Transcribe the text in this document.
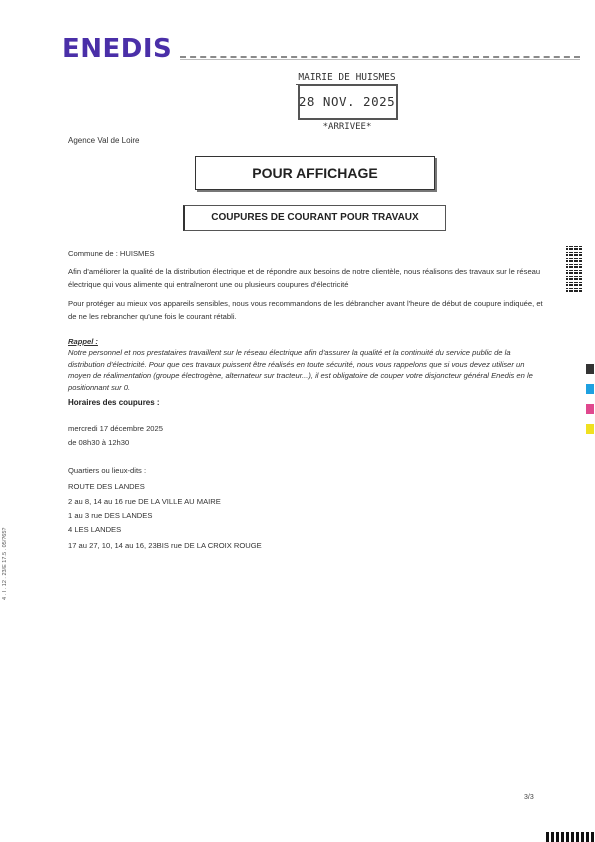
ENEDIS
MAIRIE DE HUISMES
28 NOV. 2025
*ARRIVEE*
Agence Val de Loire
POUR AFFICHAGE
COUPURES DE COURANT POUR TRAVAUX
Commune de : HUISMES
Afin d'améliorer la qualité de la distribution électrique et de répondre aux besoins de notre clientèle, nous réalisons des travaux sur le réseau électrique qui vous alimente qui entraîneront une ou plusieurs coupures d'électricité
Pour protéger au mieux vos appareils sensibles, nous vous recommandons de les débrancher avant l'heure de début de coupure indiquée, et de ne les rebrancher qu'une fois le courant rétabli.
Rappel :
Notre personnel et nos prestataires travaillent sur le réseau électrique afin d'assurer la qualité et la continuité du service public de la distribution d'électricité. Pour que ces travaux puissent être réalisés en toute sécurité, nous vous rappelons que si vous devez utiliser un moyen de réalimentation (groupe électrogène, alternateur sur tracteur...), il est obligatoire de couper votre disjoncteur général Enedis en le positionnant sur 0.
Horaires des coupures :
mercredi 17 décembre 2025
de 08h30 à 12h30
Quartiers ou lieux-dits :
ROUTE DES LANDES
2 au 8, 14 au 16 rue DE LA VILLE AU MAIRE
1 au 3 rue DES LANDES
4 LES LANDES
17 au 27, 10, 14 au 16, 23BIS rue DE LA CROIX ROUGE
4 . I . 12 . 23/E 17.5 . 05/?65?
3/3
